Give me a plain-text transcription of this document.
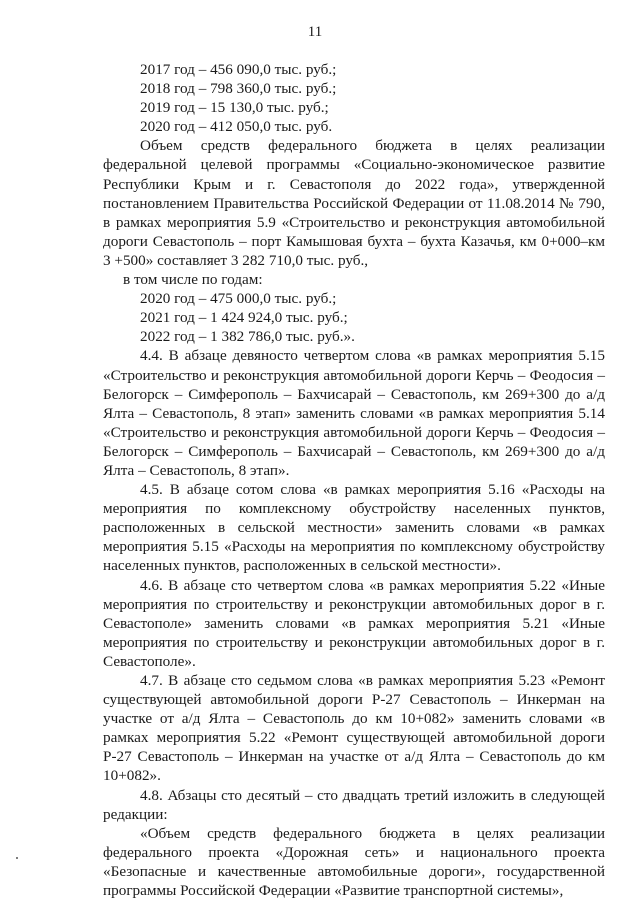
11

2017 год – 456 090,0 тыс. руб.;

2018 год – 798 360,0 тыс. руб.;

2019 год – 15 130,0 тыс. руб.;

2020 год – 412 050,0 тыс. руб.

Объем средств федерального бюджета в целях реализации федеральной целевой программы «Социально-экономическое развитие Республики Крым и г. Севастополя до 2022 года», утвержденной постановлением Правительства Российской Федерации от 11.08.2014 № 790, в рамках мероприятия 5.9 «Строительство и реконструкция автомобильной дороги Севастополь – порт Камышовая бухта – бухта Казачья, км 0+000–км 3 +500» составляет 3 282 710,0 тыс. руб.,

в том числе по годам:

2020 год – 475 000,0 тыс. руб.;

2021 год – 1 424 924,0 тыс. руб.;

2022 год – 1 382 786,0 тыс. руб.».

4.4. В абзаце девяносто четвертом слова «в рамках мероприятия 5.15 «Строительство и реконструкция автомобильной дороги Керчь – Феодосия – Белогорск – Симферополь – Бахчисарай – Севастополь, км 269+300 до а/д Ялта – Севастополь, 8 этап» заменить словами «в рамках мероприятия 5.14 «Строительство и реконструкция автомобильной дороги Керчь – Феодосия – Белогорск – Симферополь – Бахчисарай – Севастополь, км 269+300 до а/д Ялта – Севастополь, 8 этап».

4.5. В абзаце сотом слова «в рамках мероприятия 5.16 «Расходы на мероприятия по комплексному обустройству населенных пунктов, расположенных в сельской местности» заменить словами «в рамках мероприятия 5.15 «Расходы на мероприятия по комплексному обустройству населенных пунктов, расположенных в сельской местности».

4.6. В абзаце сто четвертом слова «в рамках мероприятия 5.22 «Иные мероприятия по строительству и реконструкции автомобильных дорог в г. Севастополе» заменить словами «в рамках мероприятия 5.21 «Иные мероприятия по строительству и реконструкции автомобильных дорог в г. Севастополе».

4.7. В абзаце сто седьмом слова «в рамках мероприятия 5.23 «Ремонт существующей автомобильной дороги Р-27 Севастополь – Инкерман на участке от а/д Ялта – Севастополь до км 10+082» заменить словами «в рамках мероприятия 5.22 «Ремонт существующей автомобильной дороги Р-27 Севастополь – Инкерман на участке от а/д Ялта – Севастополь до км 10+082».

4.8. Абзацы сто десятый – сто двадцать третий изложить в следующей редакции:

«Объем средств федерального бюджета в целях реализации федерального проекта «Дорожная сеть» и национального проекта «Безопасные и качественные автомобильные дороги», государственной программы Российской Федерации «Развитие транспортной системы»,
